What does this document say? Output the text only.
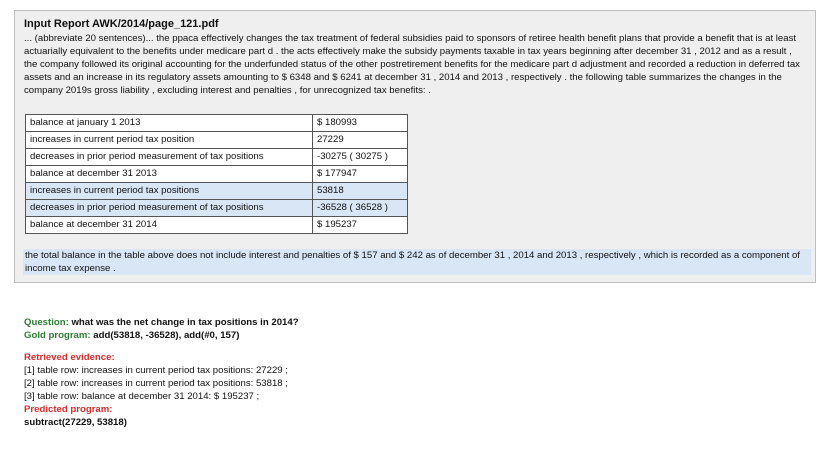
Input Report AWK/2014/page_121.pdf

... (abbreviate 20 sentences)... the ppaca effectively changes the tax treatment of federal subsidies paid to sponsors of retiree health benefit plans that provide a benefit that is at least actuarially equivalent to the benefits under medicare part d . the acts effectively make the subsidy payments taxable in tax years beginning after december 31 , 2012 and as a result , the company followed its original accounting for the underfunded status of the other postretirement benefits for the medicare part d adjustment and recorded a reduction in deferred tax assets and an increase in its regulatory assets amounting to $ 6348 and $ 6241 at december 31 , 2014 and 2013 , respectively . the following table summarizes the changes in the company 2019s gross liability , excluding interest and penalties , for unrecognized tax benefits: .

balance at january 1 2013	$ 180993
increases in current period tax position	27229
decreases in prior period measurement of tax positions	-30275 ( 30275 )
balance at december 31 2013	$ 177947
increases in current period tax positions	53818
decreases in prior period measurement of tax positions	-36528 ( 36528 )
balance at december 31 2014	$ 195237

the total balance in the table above does not include interest and penalties of $ 157 and $ 242 as of december 31 , 2014 and 2013 , respectively , which is recorded as a component of income tax expense .

Question: what was the net change in tax positions in 2014?
Gold program: add(53818, -36528), add(#0, 157)
Retrieved evidence:
[1] table row: increases in current period tax positions: 27229 ;
[2] table row: increases in current period tax positions: 53818 ;
[3] table row: balance at december 31 2014: $ 195237 ;
Predicted program:
subtract(27229, 53818)
